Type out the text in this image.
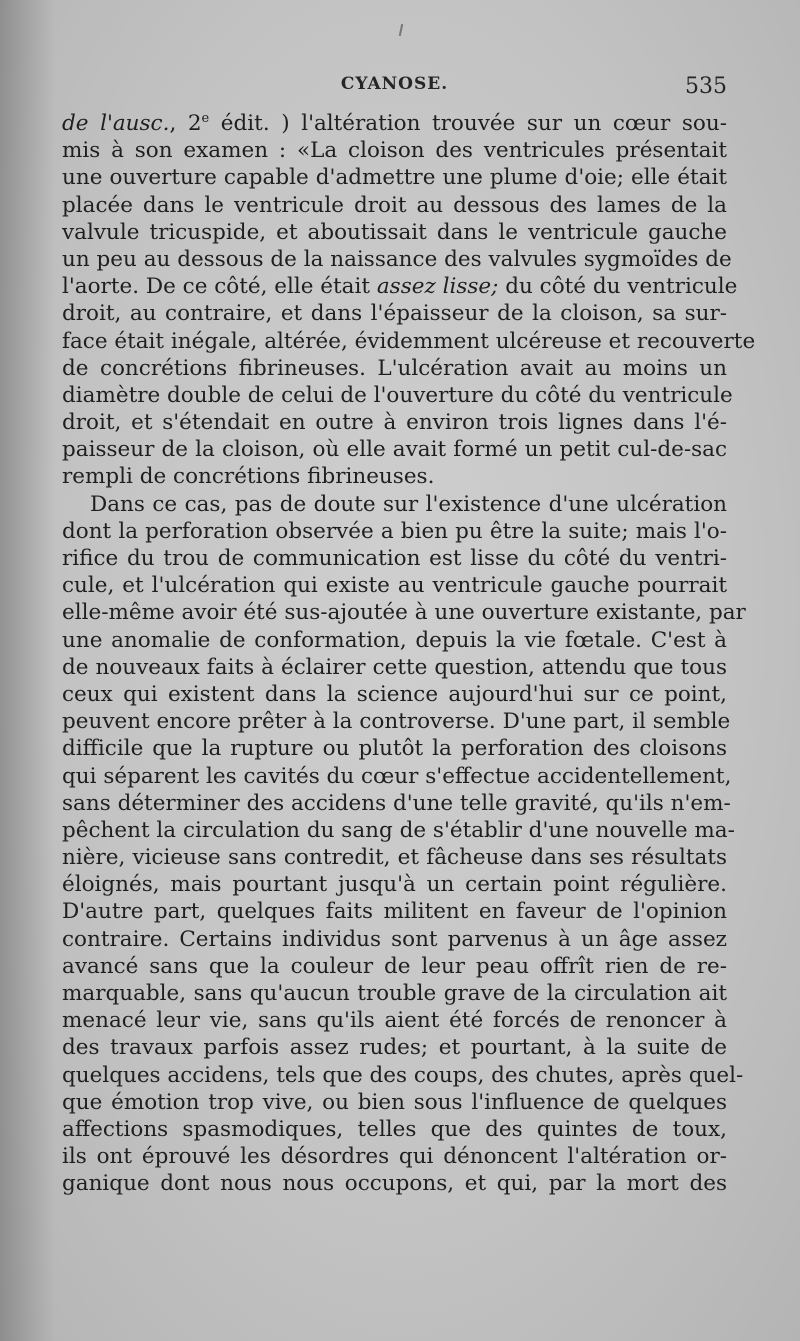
CYANOSE.	535
de l'ausc., 2e édit. ) l'altération trouvée sur un cœur sou-
mis à son examen : «La cloison des ventricules présentait
une ouverture capable d'admettre une plume d'oie; elle était
placée dans le ventricule droit au dessous des lames de la
valvule tricuspide, et aboutissait dans le ventricule gauche
un peu au dessous de la naissance des valvules sygmoïdes de
l'aorte. De ce côté, elle était assez lisse; du côté du ventricule
droit, au contraire, et dans l'épaisseur de la cloison, sa sur-
face était inégale, altérée, évidemment ulcéreuse et recouverte
de concrétions fibrineuses. L'ulcération avait au moins un
diamètre double de celui de l'ouverture du côté du ventricule
droit, et s'étendait en outre à environ trois lignes dans l'é-
paisseur de la cloison, où elle avait formé un petit cul-de-sac
rempli de concrétions fibrineuses.
Dans ce cas, pas de doute sur l'existence d'une ulcération
dont la perforation observée a bien pu être la suite; mais l'o-
rifice du trou de communication est lisse du côté du ventri-
cule, et l'ulcération qui existe au ventricule gauche pourrait
elle-même avoir été sus-ajoutée à une ouverture existante, par
une anomalie de conformation, depuis la vie fœtale. C'est à
de nouveaux faits à éclairer cette question, attendu que tous
ceux qui existent dans la science aujourd'hui sur ce point,
peuvent encore prêter à la controverse. D'une part, il semble
difficile que la rupture ou plutôt la perforation des cloisons
qui séparent les cavités du cœur s'effectue accidentellement,
sans déterminer des accidens d'une telle gravité, qu'ils n'em-
pêchent la circulation du sang de s'établir d'une nouvelle ma-
nière, vicieuse sans contredit, et fâcheuse dans ses résultats
éloignés, mais pourtant jusqu'à un certain point régulière.
D'autre part, quelques faits militent en faveur de l'opinion
contraire. Certains individus sont parvenus à un âge assez
avancé sans que la couleur de leur peau offrît rien de re-
marquable, sans qu'aucun trouble grave de la circulation ait
menacé leur vie, sans qu'ils aient été forcés de renoncer à
des travaux parfois assez rudes; et pourtant, à la suite de
quelques accidens, tels que des coups, des chutes, après quel-
que émotion trop vive, ou bien sous l'influence de quelques
affections spasmodiques, telles que des quintes de toux,
ils ont éprouvé les désordres qui dénoncent l'altération or-
ganique dont nous nous occupons, et qui, par la mort des
